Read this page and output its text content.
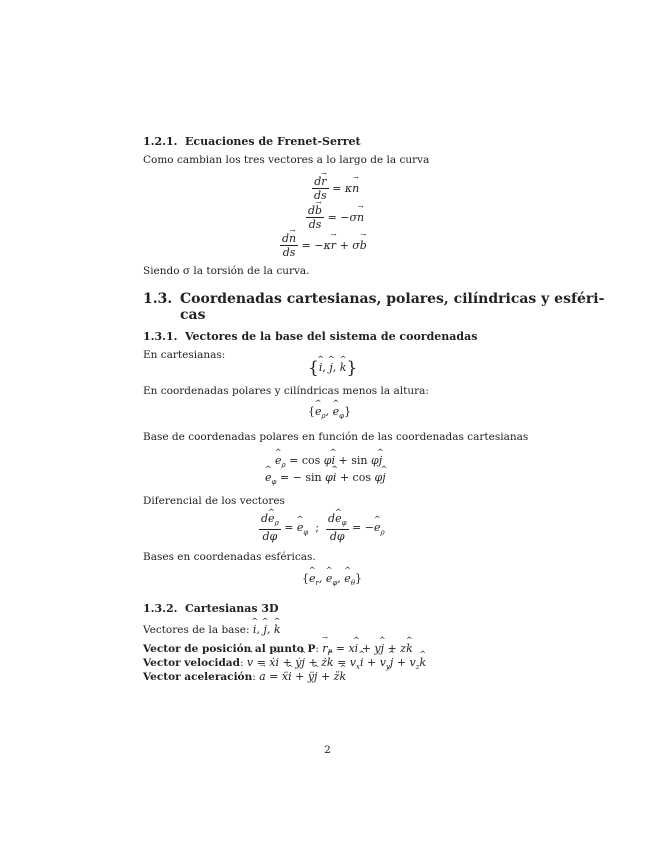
1.2.1. Ecuaciones de Frenet-Serret
Como cambian los tres vectores a lo largo de la curva
$\frac{dr \to}{ds} = \kappa n$ →
$\frac{db \to}{ds} = -\sigma n$ →
$\frac{dn \to}{ds} = -\kappa r$ → + σb →
Siendo σ la torsión de la curva.
1.3. Coordenadas cartesianas, polares, cilíndricas y esféri-
cas
1.3.1. Vectores de la base del sistema de coordenadas
En cartesianas:
{i ^, j ^, k ^}
En coordenadas polares y cilíndricas menos la altura:
{e $\^{}_\rho$, e $\^{}_\varphi$}
Base de coordenadas polares en función de las coordenadas cartesianas
e $\^{}_\rho = \cos \varphi i$ ^ + sin φj ^
e $\^{}_\varphi$ = − sin φi ^ + cos φj ^
Diferencial de los vectores
$\frac{de \^{}_\rho}{d\varphi} = e$ $\^{}_\varphi$  ; $\frac{de \^{}_\varphi}{d\varphi} = -e$ $\^{}_\rho$
Bases en coordenadas esféricas.
{e $\^{}_r$, e $\^{}_\varphi$, e $\^{}_\theta$}
1.3.2. Cartesianas 3D
Vectores de la base: i ^, j ^, k ^
Vector de posición al punto P: $r \to_P$ = xi ^ + yj ^ + zk ^
Vector velocidad: v → = ẋi ^ + ẏj ^ + żk ^ = $v_xi$ ^ + $v_yj$ ^ + $v_zk$ ^
Vector aceleración: a → = ẍi ^ + ÿj ^ + z̈k ^
2
